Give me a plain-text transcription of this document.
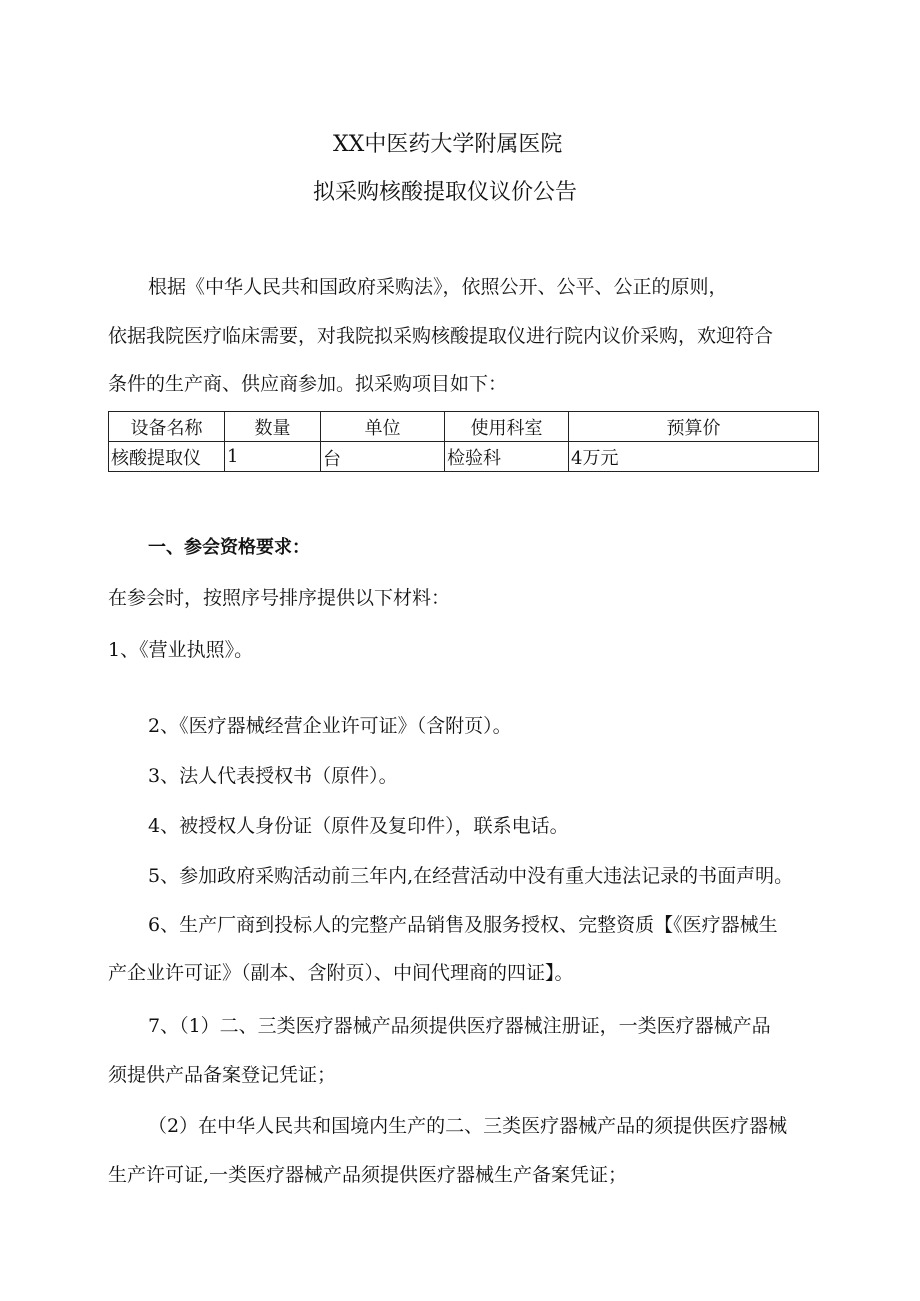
XX中医药大学附属医院
拟采购核酸提取仪议价公告
根据《中华人民共和国政府采购法》，依照公开、公平、公正的原则，
依据我院医疗临床需要，对我院拟采购核酸提取仪进行院内议价采购，欢迎符合
条件的生产商、供应商参加。拟采购项目如下：
设备名称	数量	单位	使用科室	预算价
核酸提取仪	1	台	检验科	4万元
一、参会资格要求：
在参会时，按照序号排序提供以下材料：
1、《营业执照》。
2、《医疗器械经营企业许可证》（含附页）。
3、法人代表授权书（原件）。
4、被授权人身份证（原件及复印件），联系电话。
5、参加政府采购活动前三年内,在经营活动中没有重大违法记录的书面声明。
6、生产厂商到投标人的完整产品销售及服务授权、完整资质【《医疗器械生
产企业许可证》（副本、含附页）、中间代理商的四证】。
7、（1）二、三类医疗器械产品须提供医疗器械注册证，一类医疗器械产品
须提供产品备案登记凭证；
（2）在中华人民共和国境内生产的二、三类医疗器械产品的须提供医疗器械
生产许可证,一类医疗器械产品须提供医疗器械生产备案凭证；
